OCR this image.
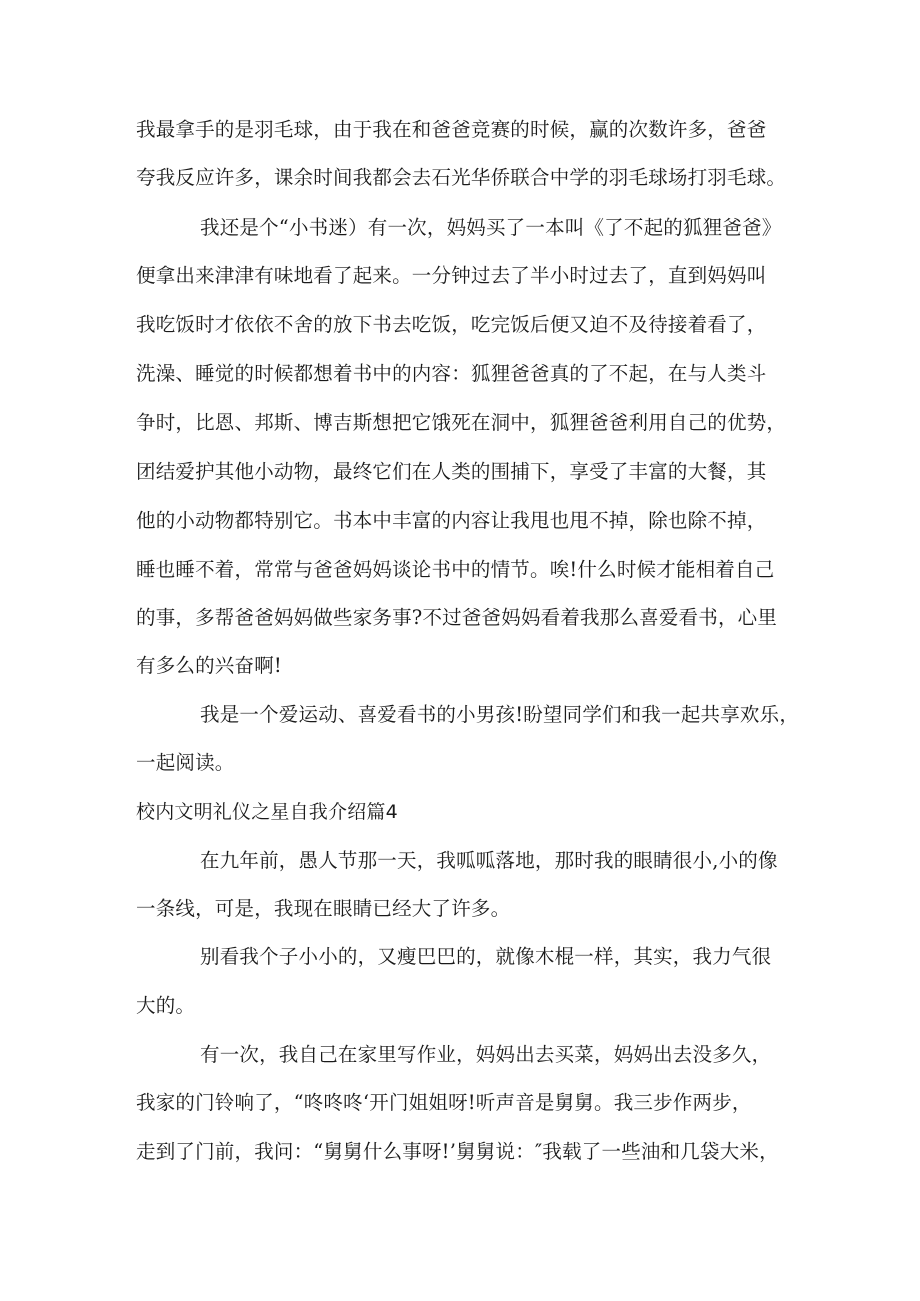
我最拿手的是羽毛球，由于我在和爸爸竞赛的时候，赢的次数许多，爸爸
夸我反应许多，课余时间我都会去石光华侨联合中学的羽毛球场打羽毛球。
我还是个“小书迷）有一次，妈妈买了一本叫《了不起的狐狸爸爸》
便拿出来津津有味地看了起来。一分钟过去了半小时过去了，直到妈妈叫
我吃饭时才依依不舍的放下书去吃饭，吃完饭后便又迫不及待接着看了，
洗澡、睡觉的时候都想着书中的内容：狐狸爸爸真的了不起，在与人类斗
争时，比恩、邦斯、博吉斯想把它饿死在洞中，狐狸爸爸利用自己的优势，
团结爱护其他小动物，最终它们在人类的围捕下，享受了丰富的大餐，其
他的小动物都特别它。书本中丰富的内容让我甩也甩不掉，除也除不掉，
睡也睡不着，常常与爸爸妈妈谈论书中的情节。唉!什么时候才能相着自己
的事，多帮爸爸妈妈做些家务事?不过爸爸妈妈看着我那么喜爱看书，心里
有多么的兴奋啊!
我是一个爱运动、喜爱看书的小男孩!盼望同学们和我一起共享欢乐，
一起阅读。
校内文明礼仪之星自我介绍篇4
在九年前，愚人节那一天，我呱呱落地，那时我的眼睛很小,小的像
一条线，可是，我现在眼睛已经大了许多。
别看我个子小小的，又瘦巴巴的，就像木棍一样，其实，我力气很
大的。
有一次，我自己在家里写作业，妈妈出去买菜，妈妈出去没多久，
我家的门铃响了，“咚咚咚‘开门姐姐呀!听声音是舅舅。我三步作两步，
走到了门前，我问：“舅舅什么事呀!’舅舅说：″我载了一些油和几袋大米，
